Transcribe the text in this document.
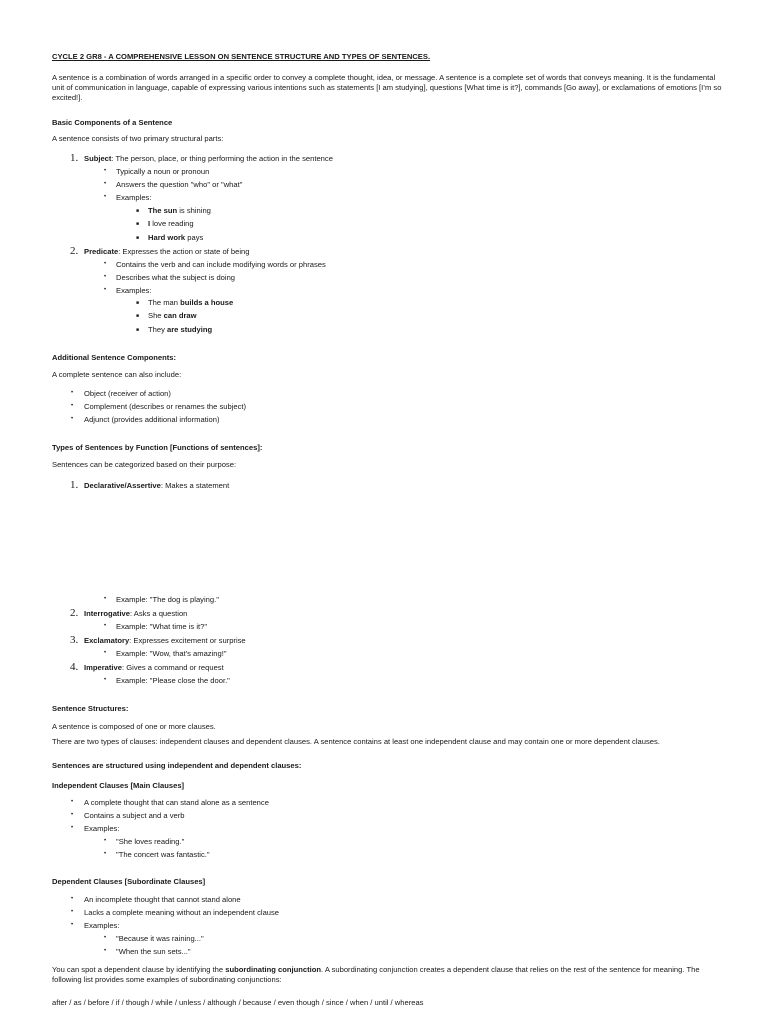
CYCLE 2 GR8 - A COMPREHENSIVE LESSON ON SENTENCE STRUCTURE AND TYPES OF SENTENCES.

A sentence is a combination of words arranged in a specific order to convey a complete thought, idea, or message. A sentence is a complete set of words that conveys meaning. It is the fundamental unit of communication in language, capable of expressing various intentions such as statements [I am studying], questions [What time is it?], commands [Go away], or exclamations of emotions [I’m so excited!].

Basic Components of a Sentence
A sentence consists of two primary structural parts:
1. Subject: The person, place, or thing performing the action in the sentence
• Typically a noun or pronoun
• Answers the question "who" or "what"
• Examples:
■ The sun is shining
■ I love reading
■ Hard work pays
2. Predicate: Expresses the action or state of being
• Contains the verb and can include modifying words or phrases
• Describes what the subject is doing
• Examples:
■ The man builds a house
■ She can draw
■ They are studying
Additional Sentence Components:
A complete sentence can also include:
• Object (receiver of action)
• Complement (describes or renames the subject)
• Adjunct (provides additional information)
Types of Sentences by Function [Functions of sentences]:
Sentences can be categorized based on their purpose:
1. Declarative/Assertive: Makes a statement
• Example: "The dog is playing."
2. Interrogative: Asks a question
• Example: "What time is it?"
3. Exclamatory: Expresses excitement or surprise
• Example: "Wow, that's amazing!"
4. Imperative: Gives a command or request
• Example: "Please close the door."
Sentence Structures:
A sentence is composed of one or more clauses.
There are two types of clauses: independent clauses and dependent clauses. A sentence contains at least one independent clause and may contain one or more dependent clauses.
Sentences are structured using independent and dependent clauses:
Independent Clauses [Main Clauses]
• A complete thought that can stand alone as a sentence
• Contains a subject and a verb
• Examples:
• "She loves reading."
• "The concert was fantastic."
Dependent Clauses [Subordinate Clauses]
• An incomplete thought that cannot stand alone
• Lacks a complete meaning without an independent clause
• Examples:
• "Because it was raining..."
• "When the sun sets..."

You can spot a dependent clause by identifying the subordinating conjunction. A subordinating conjunction creates a dependent clause that relies on the rest of the sentence for meaning. The following list provides some examples of subordinating conjunctions:

after / as / before / if / though / while / unless / although / because / even though / since / when / until / whereas
